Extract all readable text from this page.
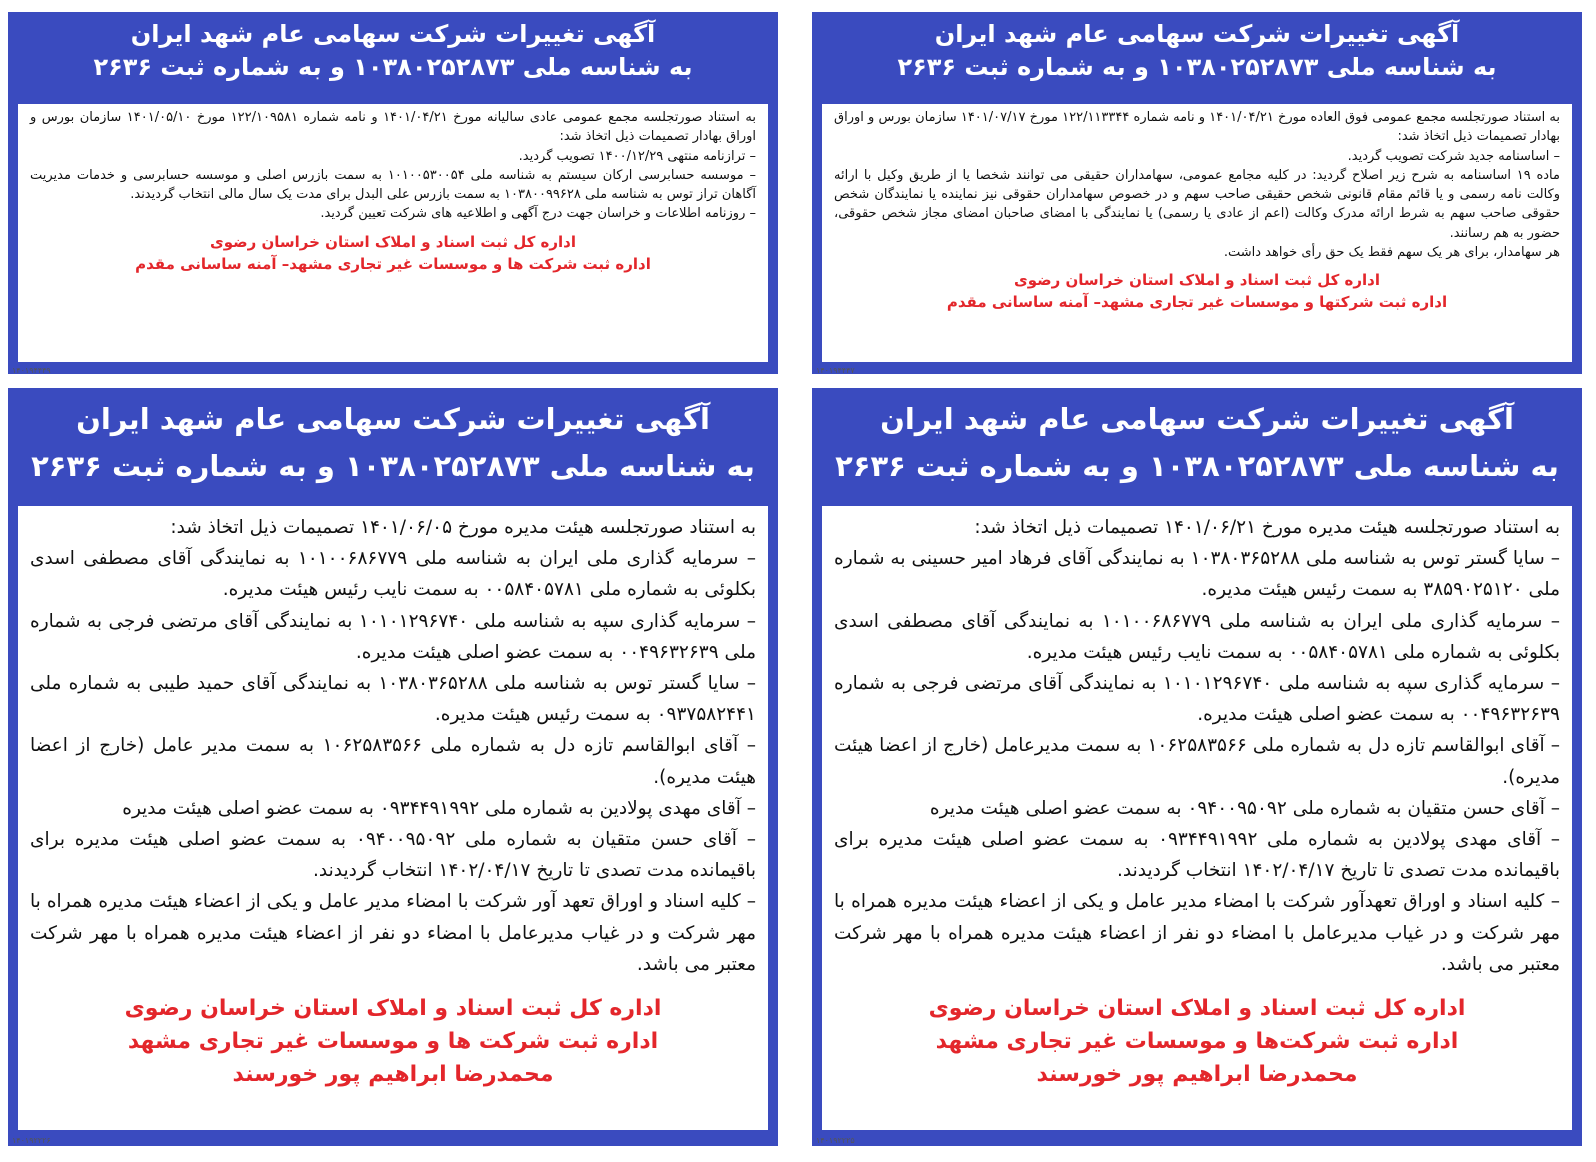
آگهی تغییرات شرکت سهامی عام شهد ایران
به شناسه ملی ۱۰۳۸۰۲۵۲۸۷۳ و به شماره ثبت ۲۶۳۶

به استناد صورتجلسه مجمع عمومی فوق العاده مورخ ۱۴۰۱/۰۴/۲۱ و نامه شماره ۱۲۲/۱۱۳۳۴۴ مورخ ۱۴۰۱/۰۷/۱۷ سازمان بورس و اوراق بهادار تصمیمات ذیل اتخاذ شد:

– اساسنامه جدید شرکت تصویب گردید.

ماده ۱۹ اساسنامه به شرح زیر اصلاح گردید: در کلیه مجامع عمومی، سهامداران حقیقی می توانند شخصا یا از طریق وکیل با ارائه وکالت نامه رسمی و یا قائم مقام قانونی شخص حقیقی صاحب سهم و در خصوص سهامداران حقوقی نیز نماینده یا نمایندگان شخص حقوقی صاحب سهم به شرط ارائه مدرک وکالت (اعم از عادی یا رسمی) یا نمایندگی با امضای صاحبان امضای مجاز شخص حقوقی، حضور به هم رسانند.

هر سهامدار، برای هر یک سهم فقط یک حق رأی خواهد داشت.

اداره کل ثبت اسناد و املاک استان خراسان رضوی
اداره ثبت شرکتها و موسسات غیر تجاری مشهد– آمنه ساسانی مقدم
۱۴۰۱۹۴۴۴۷
آگهی تغییرات شرکت سهامی عام شهد ایران
به شناسه ملی ۱۰۳۸۰۲۵۲۸۷۳ و به شماره ثبت ۲۶۳۶

به استناد صورتجلسه مجمع عمومی عادی سالیانه مورخ ۱۴۰۱/۰۴/۲۱ و نامه شماره ۱۲۲/۱۰۹۵۸۱ مورخ ۱۴۰۱/۰۵/۱۰ سازمان بورس و اوراق بهادار تصمیمات ذیل اتخاذ شد:

– ترازنامه منتهی ۱۴۰۰/۱۲/۲۹ تصویب گردید.

– موسسه حسابرسی ارکان سیستم به شناسه ملی ۱۰۱۰۰۵۳۰۰۵۴ به سمت بازرس اصلی و موسسه حسابرسی و خدمات مدیریت آگاهان تراز توس به شناسه ملی ۱۰۳۸۰۰۹۹۶۲۸ به سمت بازرس علی البدل برای مدت یک سال مالی انتخاب گردیدند.

– روزنامه اطلاعات و خراسان جهت درج آگهی و اطلاعیه های شرکت تعیین گردید.

اداره کل ثبت اسناد و املاک استان خراسان رضوی
اداره ثبت شرکت ها و موسسات غیر تجاری مشهد– آمنه ساسانی مقدم
۱۴۰۱۹۴۴۴۹
آگهی تغییرات شرکت سهامی عام شهد ایران
به شناسه ملی ۱۰۳۸۰۲۵۲۸۷۳ و به شماره ثبت ۲۶۳۶

به استناد صورتجلسه هیئت مدیره مورخ ۱۴۰۱/۰۶/۲۱ تصمیمات ذیل اتخاذ شد:

– سایا گستر توس به شناسه ملی ۱۰۳۸۰۳۶۵۲۸۸ به نمایندگی آقای فرهاد امیر حسینی به شماره ملی ۳۸۵۹۰۲۵۱۲۰ به سمت رئیس هیئت مدیره.

– سرمایه گذاری ملی ایران به شناسه ملی ۱۰۱۰۰۶۸۶۷۷۹ به نمایندگی آقای مصطفی اسدی بکلوئی به شماره ملی ۰۰۵۸۴۰۵۷۸۱ به سمت نایب رئیس هیئت مدیره.

– سرمایه گذاری سپه به شناسه ملی ۱۰۱۰۱۲۹۶۷۴۰ به نمایندگی آقای مرتضی فرجی به شماره ۰۰۴۹۶۳۲۶۳۹ به سمت عضو اصلی هیئت مدیره.

– آقای ابوالقاسم تازه دل به شماره ملی ۱۰۶۲۵۸۳۵۶۶ به سمت مدیرعامل (خارج از اعضا هیئت مدیره).

– آقای حسن متقیان به شماره ملی ۰۹۴۰۰۹۵۰۹۲ به سمت عضو اصلی هیئت مدیره

– آقای مهدی پولادین به شماره ملی ۰۹۳۴۴۹۱۹۹۲ به سمت عضو اصلی هیئت مدیره برای باقیمانده مدت تصدی تا تاریخ ۱۴۰۲/۰۴/۱۷ انتخاب گردیدند.

– کلیه اسناد و اوراق تعهدآور شرکت با امضاء مدیر عامل و یکی از اعضاء هیئت مدیره همراه با مهر شرکت و در غیاب مدیرعامل با امضاء دو نفر از اعضاء هیئت مدیره همراه با مهر شرکت معتبر می باشد.

اداره کل ثبت اسناد و املاک استان خراسان رضوی
اداره ثبت شرکت‌ها و موسسات غیر تجاری مشهد
محمدرضا ابراهیم پور خورسند
۱۴۰۱۹۲۲۲۵
آگهی تغییرات شرکت سهامی عام شهد ایران
به شناسه ملی ۱۰۳۸۰۲۵۲۸۷۳ و به شماره ثبت ۲۶۳۶

به استناد صورتجلسه هیئت مدیره مورخ ۱۴۰۱/۰۶/۰۵ تصمیمات ذیل اتخاذ شد:

– سرمایه گذاری ملی ایران به شناسه ملی ۱۰۱۰۰۶۸۶۷۷۹ به نمایندگی آقای مصطفی اسدی بکلوئی به شماره ملی ۰۰۵۸۴۰۵۷۸۱ به سمت نایب رئیس هیئت مدیره.

– سرمایه گذاری سپه به شناسه ملی ۱۰۱۰۱۲۹۶۷۴۰ به نمایندگی آقای مرتضی فرجی به شماره ملی ۰۰۴۹۶۳۲۶۳۹ به سمت عضو اصلی هیئت مدیره.

– سایا گستر توس به شناسه ملی ۱۰۳۸۰۳۶۵۲۸۸ به نمایندگی آقای حمید طیبی به شماره ملی ۰۹۳۷۵۸۲۴۴۱ به سمت رئیس هیئت مدیره.

– آقای ابوالقاسم تازه دل به شماره ملی ۱۰۶۲۵۸۳۵۶۶ به سمت مدیر عامل (خارج از اعضا هیئت مدیره).

– آقای مهدی پولادین به شماره ملی ۰۹۳۴۴۹۱۹۹۲ به سمت عضو اصلی هیئت مدیره

– آقای حسن متقیان به شماره ملی ۰۹۴۰۰۹۵۰۹۲ به سمت عضو اصلی هیئت مدیره برای باقیمانده مدت تصدی تا تاریخ ۱۴۰۲/۰۴/۱۷ انتخاب گردیدند.

– کلیه اسناد و اوراق تعهد آور شرکت با امضاء مدیر عامل و یکی از اعضاء هیئت مدیره همراه با مهر شرکت و در غیاب مدیرعامل با امضاء دو نفر از اعضاء هیئت مدیره همراه با مهر شرکت معتبر می باشد.

اداره کل ثبت اسناد و املاک استان خراسان رضوی
اداره ثبت شرکت ها و موسسات غیر تجاری مشهد
محمدرضا ابراهیم پور خورسند
۱۴۰۱۹۲۲۲۶
